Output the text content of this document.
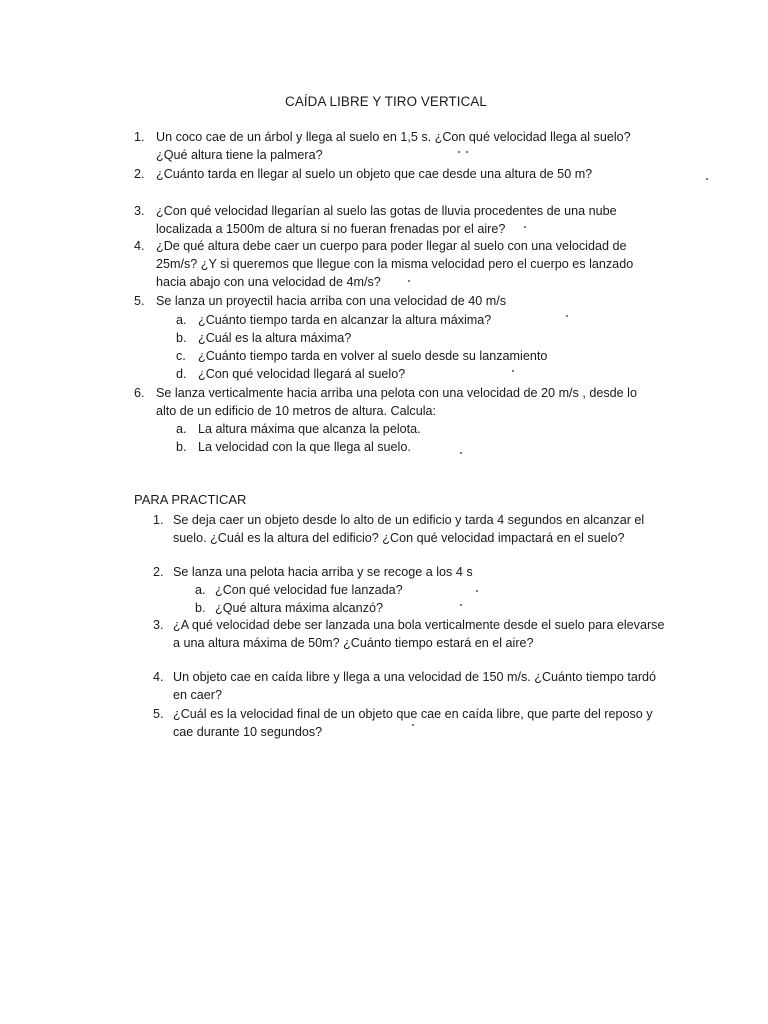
CAÍDA LIBRE Y TIRO VERTICAL
1. Un coco cae de un árbol y llega al suelo en 1,5 s. ¿Con qué velocidad llega al suelo?
¿Qué altura tiene la palmera?
2. ¿Cuánto tarda en llegar al suelo un objeto que cae desde una altura de 50 m?
3. ¿Con qué velocidad llegarían al suelo las gotas de lluvia procedentes de una nube
localizada a 1500m de altura si no fueran frenadas por el aire?
4. ¿De qué altura debe caer un cuerpo para poder llegar al suelo con una velocidad de
25m/s? ¿Y si queremos que llegue con la misma velocidad pero el cuerpo es lanzado
hacia abajo con una velocidad de 4m/s?
5. Se lanza un proyectil hacia arriba con una velocidad de 40 m/s
a. ¿Cuánto tiempo tarda en alcanzar la altura máxima?
b. ¿Cuál es la altura máxima?
c. ¿Cuánto tiempo tarda en volver al suelo desde su lanzamiento
d. ¿Con qué velocidad llegará al suelo?
6. Se lanza verticalmente hacia arriba una pelota con una velocidad de 20 m/s , desde lo
alto de un edificio de 10 metros de altura. Calcula:
a. La altura máxima que alcanza la pelota.
b. La velocidad con la que llega al suelo.
PARA PRACTICAR
1. Se deja caer un objeto desde lo alto de un edificio y tarda 4 segundos en alcanzar el
suelo. ¿Cuál es la altura del edificio? ¿Con qué velocidad impactará en el suelo?
2. Se lanza una pelota hacia arriba y se recoge a los 4 s
a. ¿Con qué velocidad fue lanzada?
b. ¿Qué altura máxima alcanzó?
3. ¿A qué velocidad debe ser lanzada una bola verticalmente desde el suelo para elevarse
a una altura máxima de 50m? ¿Cuánto tiempo estará en el aire?
4. Un objeto cae en caída libre y llega a una velocidad de 150 m/s. ¿Cuánto tiempo tardó
en caer?
5. ¿Cuál es la velocidad final de un objeto que cae en caída libre, que parte del reposo y
cae durante 10 segundos?
